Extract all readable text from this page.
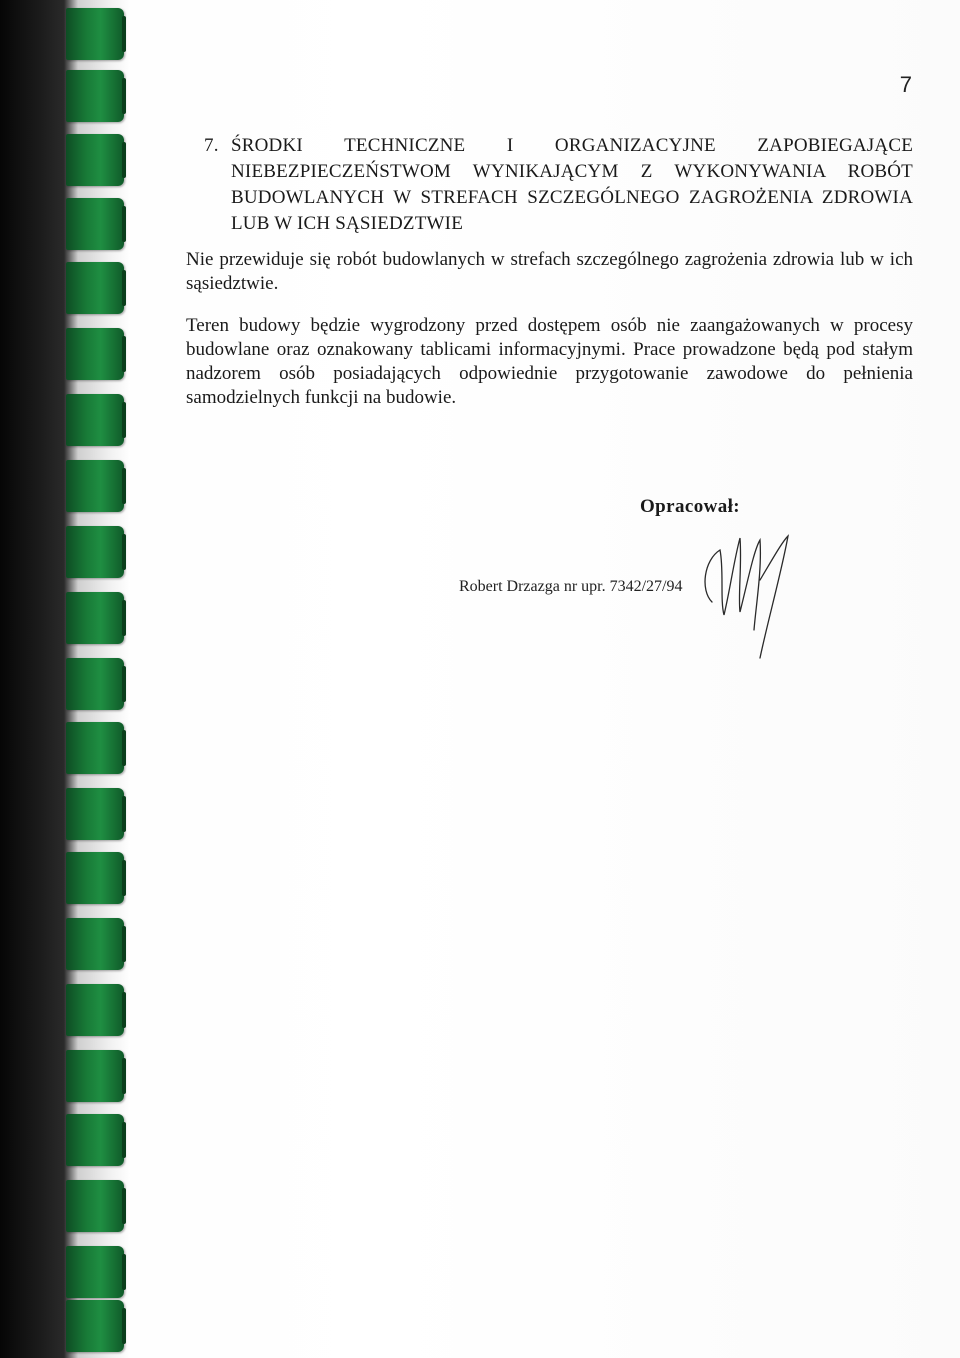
7
7. ŚRODKI TECHNICZNE I ORGANIZACYJNE ZAPOBIEGAJĄCE NIEBEZPIECZEŃSTWOM WYNIKAJĄCYM Z WYKONYWANIA ROBÓT BUDOWLANYCH W STREFACH SZCZEGÓLNEGO ZAGROŻENIA ZDROWIA LUB W ICH SĄSIEDZTWIE

Nie przewiduje się robót budowlanych w strefach szczególnego zagrożenia zdrowia lub w ich sąsiedztwie.

Teren budowy będzie wygrodzony przed dostępem osób nie zaangażowanych w procesy budowlane oraz oznakowany tablicami informacyjnymi. Prace prowadzone będą pod stałym nadzorem osób posiadających odpowiednie przygotowanie zawodowe do pełnienia samodzielnych funkcji na budowie.

Opracował:
Robert Drzazga nr upr. 7342/27/94
